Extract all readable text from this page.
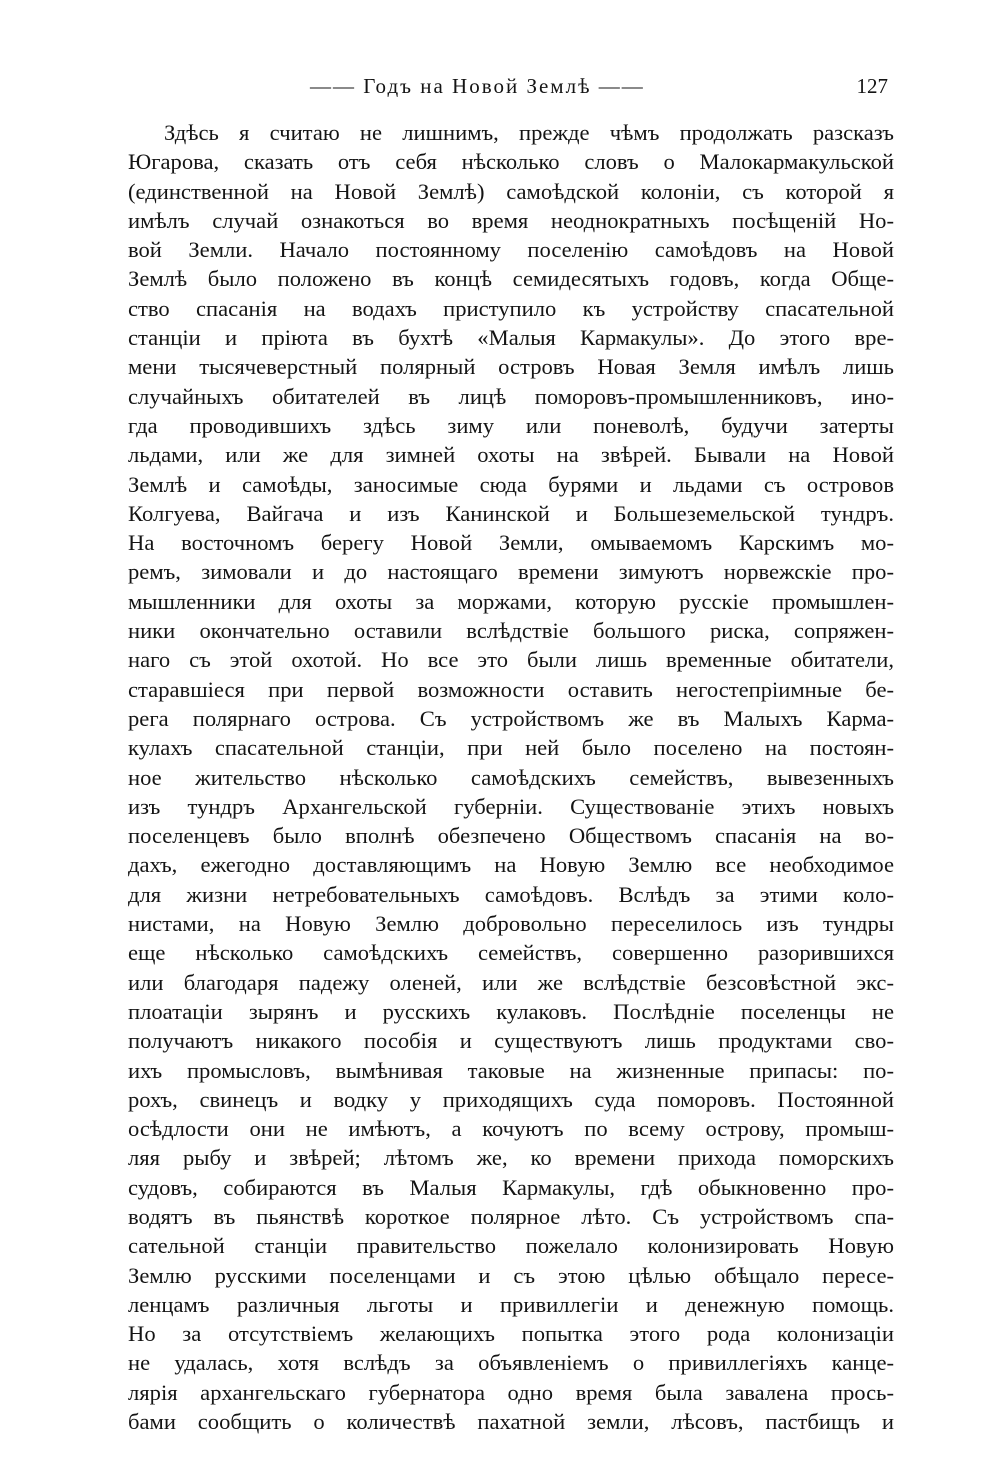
—— Годъ на Новой Землѣ ——	127
Здѣсь я считаю не лишнимъ, прежде чѣмъ продолжать разсказъ
Югарова, сказать отъ себя нѣсколько словъ о Малокармакульской
(единственной на Новой Землѣ) самоѣдской колоніи, съ которой я
имѣлъ случай ознакоться во время неоднократныхъ посѣщеній Но-
вой Земли. Начало постоянному поселенію самоѣдовъ на Новой
Землѣ было положено въ концѣ семидесятыхъ годовъ, когда Обще-
ство спасанія на водахъ приступило къ устройству спасательной
станціи и пріюта въ бухтѣ «Малыя Кармакулы». До этого вре-
мени тысячеверстный полярный островъ Новая Земля имѣлъ лишь
случайныхъ обитателей въ лицѣ поморовъ-промышленниковъ, ино-
гда проводившихъ здѣсь зиму или поневолѣ, будучи затерты
льдами, или же для зимней охоты на звѣрей. Бывали на Новой
Землѣ и самоѣды, заносимые сюда бурями и льдами съ островов
Колгуева, Вайгача и изъ Канинской и Большеземельской тундръ.
На восточномъ берегу Новой Земли, омываемомъ Карскимъ мо-
ремъ, зимовали и до настоящаго времени зимуютъ норвежскіе про-
мышленники для охоты за моржами, которую русскіе промышлен-
ники окончательно оставили вслѣдствіе большого риска, сопряжен-
наго съ этой охотой. Но все это были лишь временные обитатели,
старавшіеся при первой возможности оставить негостепріимные бе-
рега полярнаго острова. Съ устройствомъ же въ Малыхъ Карма-
кулахъ спасательной станціи, при ней было поселено на постоян-
ное жительство нѣсколько самоѣдскихъ семействъ, вывезенныхъ
изъ тундръ Архангельской губерніи. Существованіе этихъ новыхъ
поселенцевъ было вполнѣ обезпечено Обществомъ спасанія на во-
дахъ, ежегодно доставляющимъ на Новую Землю все необходимое
для жизни нетребовательныхъ самоѣдовъ. Вслѣдъ за этими коло-
нистами, на Новую Землю добровольно переселилось изъ тундры
еще нѣсколько самоѣдскихъ семействъ, совершенно разорившихся
или благодаря падежу оленей, или же вслѣдствіе безсовѣстной экс-
плоатаціи зырянъ и русскихъ кулаковъ. Послѣдніе поселенцы не
получаютъ никакого пособія и существуютъ лишь продуктами сво-
ихъ промысловъ, вымѣнивая таковые на жизненные припасы: по-
рохъ, свинецъ и водку у приходящихъ суда поморовъ. Постоянной
осѣдлости они не имѣютъ, а кочуютъ по всему острову, промыш-
ляя рыбу и звѣрей; лѣтомъ же, ко времени прихода поморскихъ
судовъ, собираются въ Малыя Кармакулы, гдѣ обыкновенно про-
водятъ въ пьянствѣ короткое полярное лѣто. Съ устройствомъ спа-
сательной станціи правительство пожелало колонизировать Новую
Землю русскими поселенцами и съ этою цѣлью обѣщало пересе-
ленцамъ различныя льготы и привиллегіи и денежную помощь.
Но за отсутствіемъ желающихъ попытка этого рода колонизаціи
не удалась, хотя вслѣдъ за объявленіемъ о привиллегіяхъ канце-
лярія архангельскаго губернатора одно время была завалена прось-
бами сообщить о количествѣ пахатной земли, лѣсовъ, пастбищъ и
